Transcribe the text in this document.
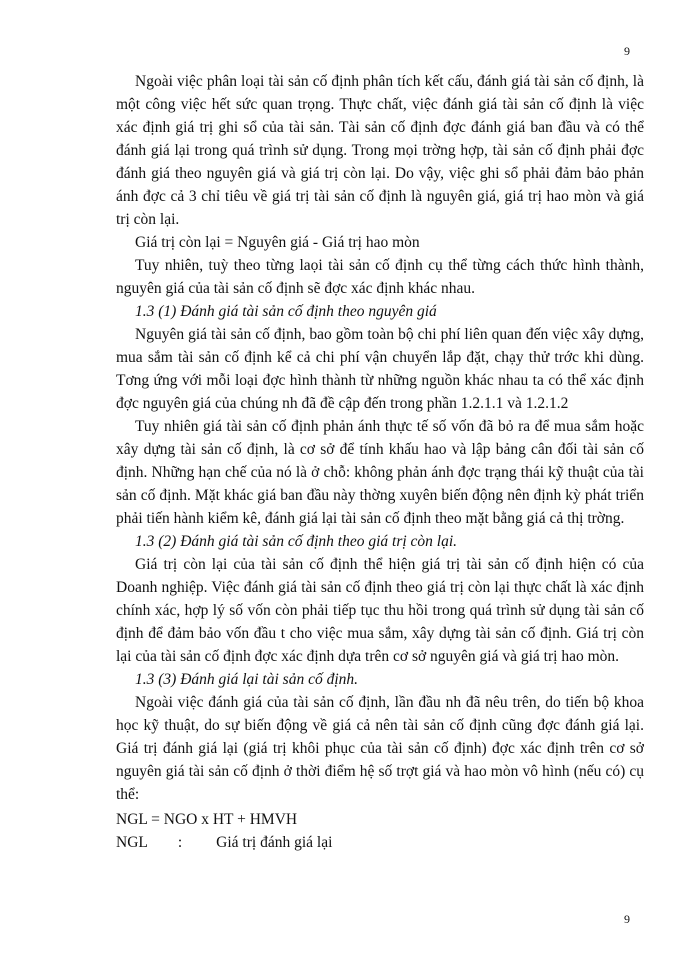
9

Ngoài việc phân loại tài sản cố định phân tích kết cấu, đánh giá tài sản cố định, là một công việc hết sức quan trọng. Thực chất, việc đánh giá tài sản cố định là việc xác định giá trị ghi sổ của tài sản. Tài sản cố định đợc đánh giá ban đầu và có thể đánh giá lại trong quá trình sử dụng. Trong mọi trờng hợp, tài sản cố định phải đợc đánh giá theo nguyên giá và giá trị còn lại. Do vậy, việc ghi sổ phải đảm bảo phản ánh đợc cả 3 chỉ tiêu về giá trị tài sản cố định là nguyên giá, giá trị hao mòn và giá trị còn lại.

Giá trị còn lại = Nguyên giá - Giá trị hao mòn

Tuy nhiên, tuỳ theo từng laọi tài sản cố định cụ thể từng cách thức hình thành, nguyên giá của tài sản cố định sẽ đợc xác định khác nhau.

1.3 (1) Đánh giá tài sản cố định theo nguyên giá

Nguyên giá tài sản cố định, bao gồm toàn bộ chi phí liên quan đến việc xây dựng, mua sắm tài sản cố định kể cả chi phí vận chuyển lắp đặt, chạy thử trớc khi dùng. Tơng ứng với mỗi loại đợc hình thành từ những nguồn khác nhau ta có thể xác định đợc nguyên giá của chúng nh đã đề cập đến trong phần 1.2.1.1 và 1.2.1.2

Tuy nhiên giá tài sản cố định phản ánh thực tế số vốn đã bỏ ra để mua sắm hoặc xây dựng tài sản cố định, là cơ sở để tính khấu hao và lập bảng cân đối tài sản cố định. Những hạn chế của nó là ở chỗ: không phản ánh đợc trạng thái kỹ thuật của tài sản cố định. Mặt khác giá ban đầu này thờng xuyên biến động nên định kỳ phát triển phải tiến hành kiểm kê, đánh giá lại tài sản cố định theo mặt bằng giá cả thị trờng.

1.3 (2) Đánh giá tài sản cố định theo giá trị còn lại.

Giá trị còn lại của tài sản cố định thể hiện giá trị tài sản cố định hiện có của Doanh nghiệp. Việc đánh giá tài sản cố định theo giá trị còn lại thực chất là xác định chính xác, hợp lý số vốn còn phải tiếp tục thu hồi trong quá trình sử dụng tài sản cố định để đảm bảo vốn đầu t cho việc mua sắm, xây dựng tài sản cố định. Giá trị còn lại của tài sản cố định đợc xác định dựa trên cơ sở nguyên giá và giá trị hao mòn.

1.3 (3) Đánh giá lại tài sản cố định.

Ngoài việc đánh giá của tài sản cố định, lần đầu nh đã nêu trên, do tiến bộ khoa học kỹ thuật, do sự biến động về giá cả nên tài sản cố định cũng đợc đánh giá lại. Giá trị đánh giá lại (giá trị khôi phục của tài sản cố định) đợc xác định trên cơ sở nguyên giá tài sản cố định ở thời điểm hệ số trợt giá và hao mòn vô hình (nếu có) cụ thể:

NGL = NGO x HT + HMVH

NGL : Giá trị đánh giá lại

9
